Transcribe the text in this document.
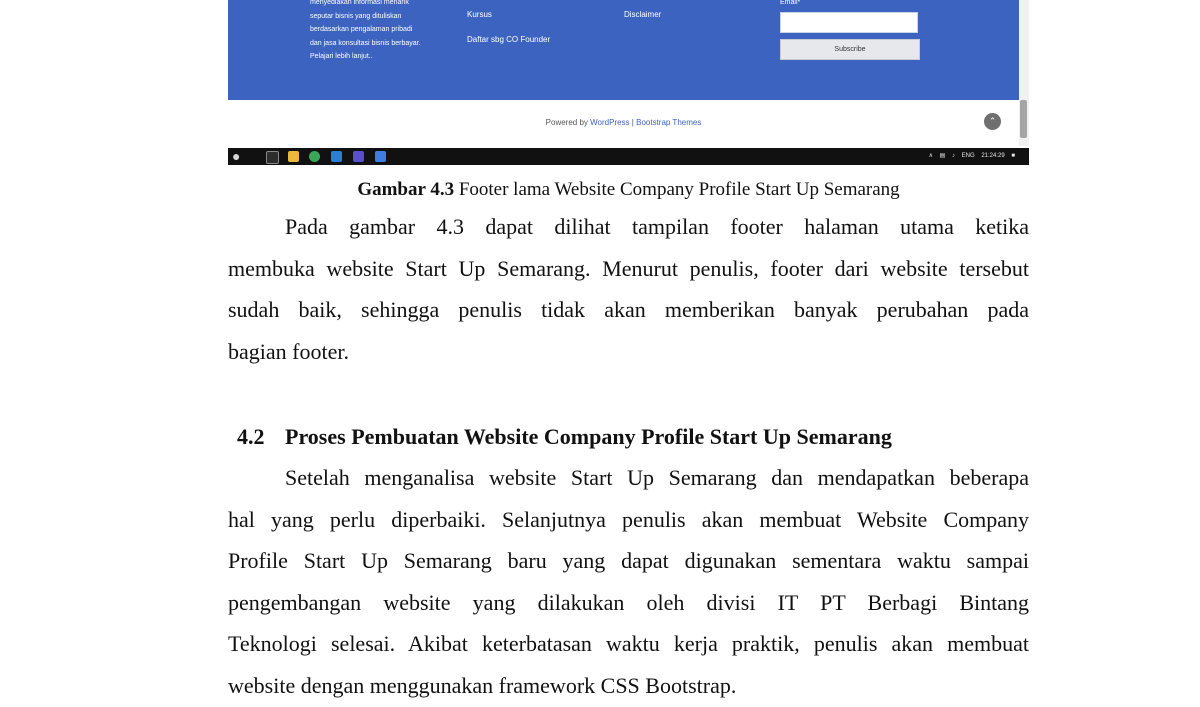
menyediakan informasi menarik
seputar bisnis yang dituliskan
berdasarkan pengalaman pribadi
dan jasa konsultasi bisnis berbayar.
Pelajari lebih lanjut..

Kursus
Daftar sbg CO Founder
Disclaimer
Email*
Subscribe
Powered by WordPress | Bootstrap Themes	⌃
●	∧ ▤ ♪ ENG 21:24:29 ■
Gambar 4.3 Footer lama Website Company Profile Start Up Semarang

Pada gambar 4.3 dapat dilihat tampilan footer halaman utama ketika
membuka website Start Up Semarang. Menurut penulis, footer dari website tersebut
sudah baik, sehingga penulis tidak akan memberikan banyak perubahan pada
bagian footer.

4.2 Proses Pembuatan Website Company Profile Start Up Semarang

Setelah menganalisa website Start Up Semarang dan mendapatkan beberapa
hal yang perlu diperbaiki. Selanjutnya penulis akan membuat Website Company
Profile Start Up Semarang baru yang dapat digunakan sementara waktu sampai
pengembangan website yang dilakukan oleh divisi IT PT Berbagi Bintang
Teknologi selesai. Akibat keterbatasan waktu kerja praktik, penulis akan membuat
website dengan menggunakan framework CSS Bootstrap.
